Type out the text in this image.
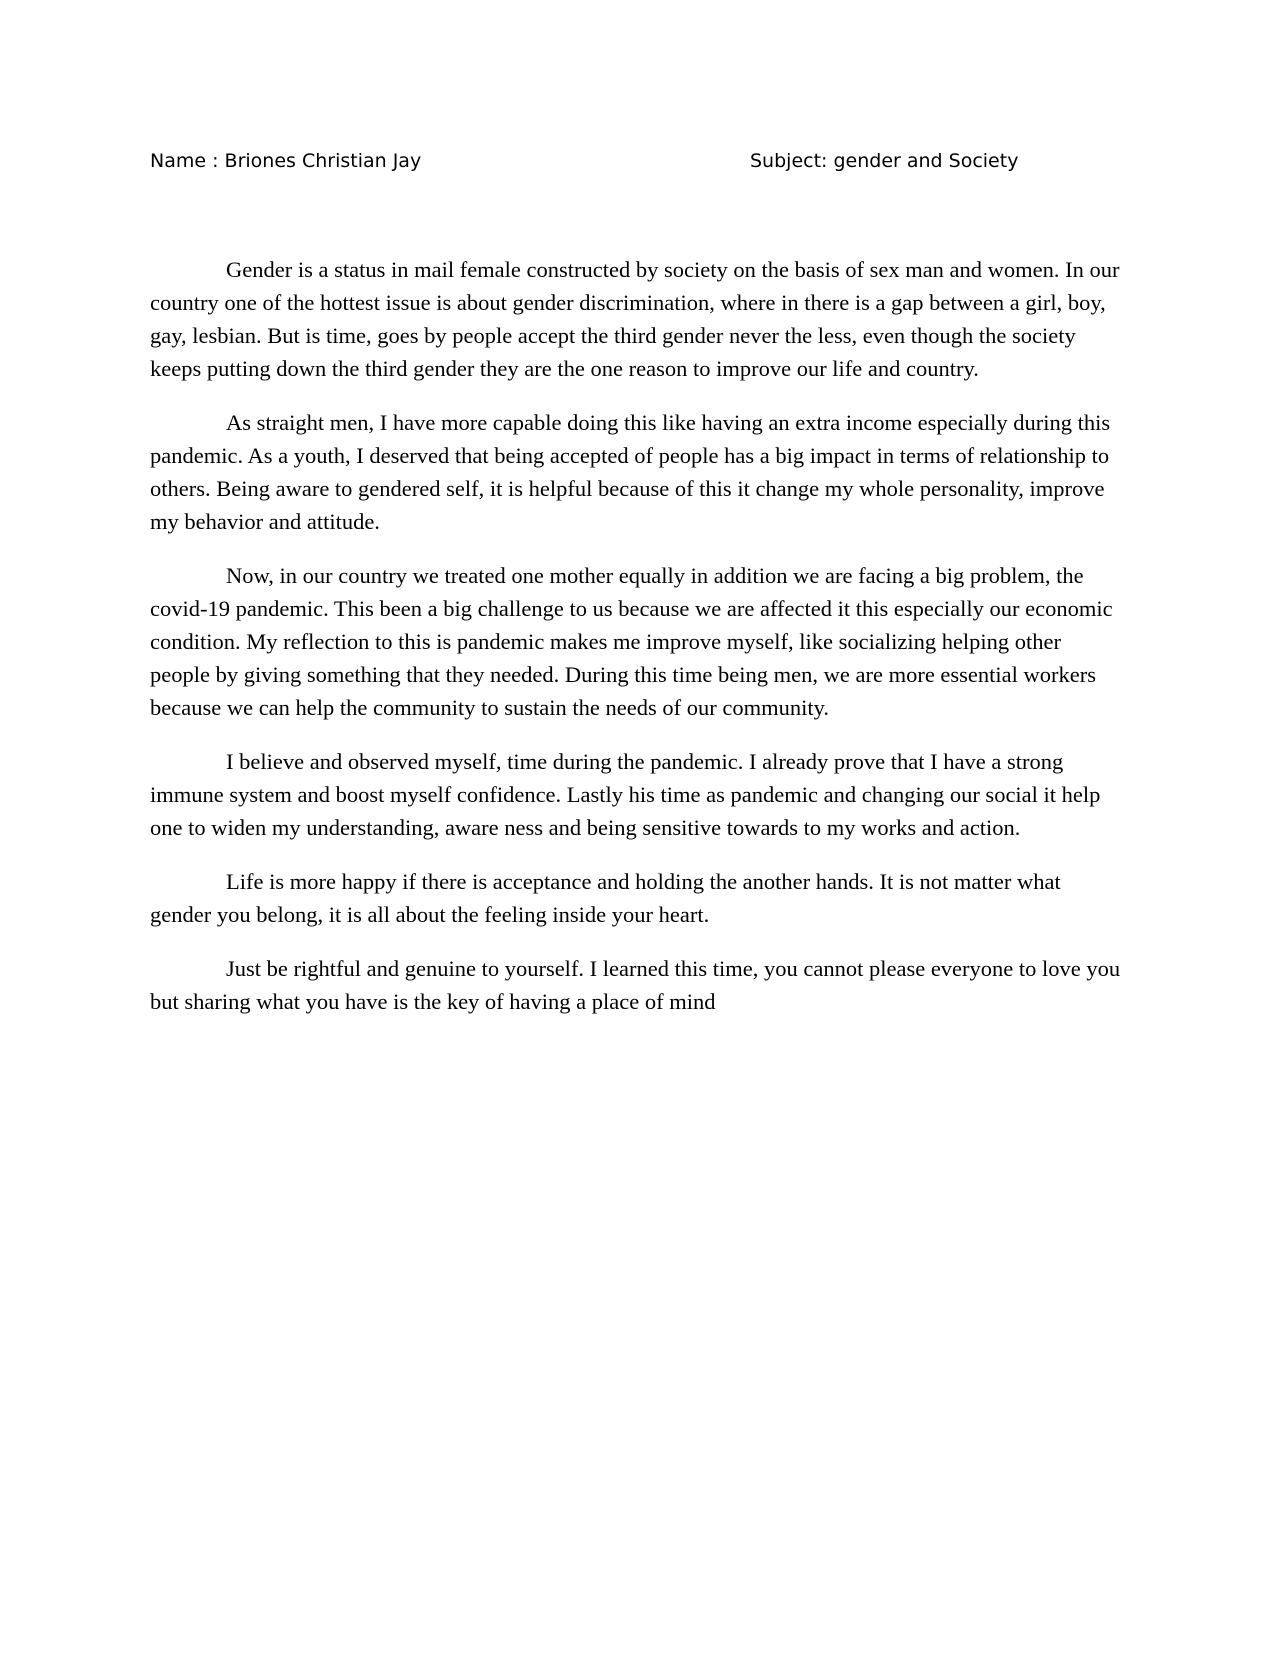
Name : Briones Christian Jay	Subject: gender and Society

Gender is a status in mail female constructed by society on the basis of sex man and women. In our country one of the hottest issue is about gender discrimination, where in there is a gap between a girl, boy, gay, lesbian. But is time, goes by people accept the third gender never the less, even though the society keeps putting down the third gender they are the one reason to improve our life and country.

As straight men, I have more capable doing this like having an extra income especially during this pandemic. As a youth, I deserved that being accepted of people has a big impact in terms of relationship to others. Being aware to gendered self, it is helpful because of this it change my whole personality, improve my behavior and attitude.

Now, in our country we treated one mother equally in addition we are facing a big problem, the covid-19 pandemic. This been a big challenge to us because we are affected it this especially our economic condition. My reflection to this is pandemic makes me improve myself, like socializing helping other people by giving something that they needed. During this time being men, we are more essential workers because we can help the community to sustain the needs of our community.

I believe and observed myself, time during the pandemic. I already prove that I have a strong immune system and boost myself confidence. Lastly his time as pandemic and changing our social it help one to widen my understanding, aware ness and being sensitive towards to my works and action.

Life is more happy if there is acceptance and holding the another hands. It is not matter what gender you belong, it is all about the feeling inside your heart.

Just be rightful and genuine to yourself. I learned this time, you cannot please everyone to love you but sharing what you have is the key of having a place of mind
